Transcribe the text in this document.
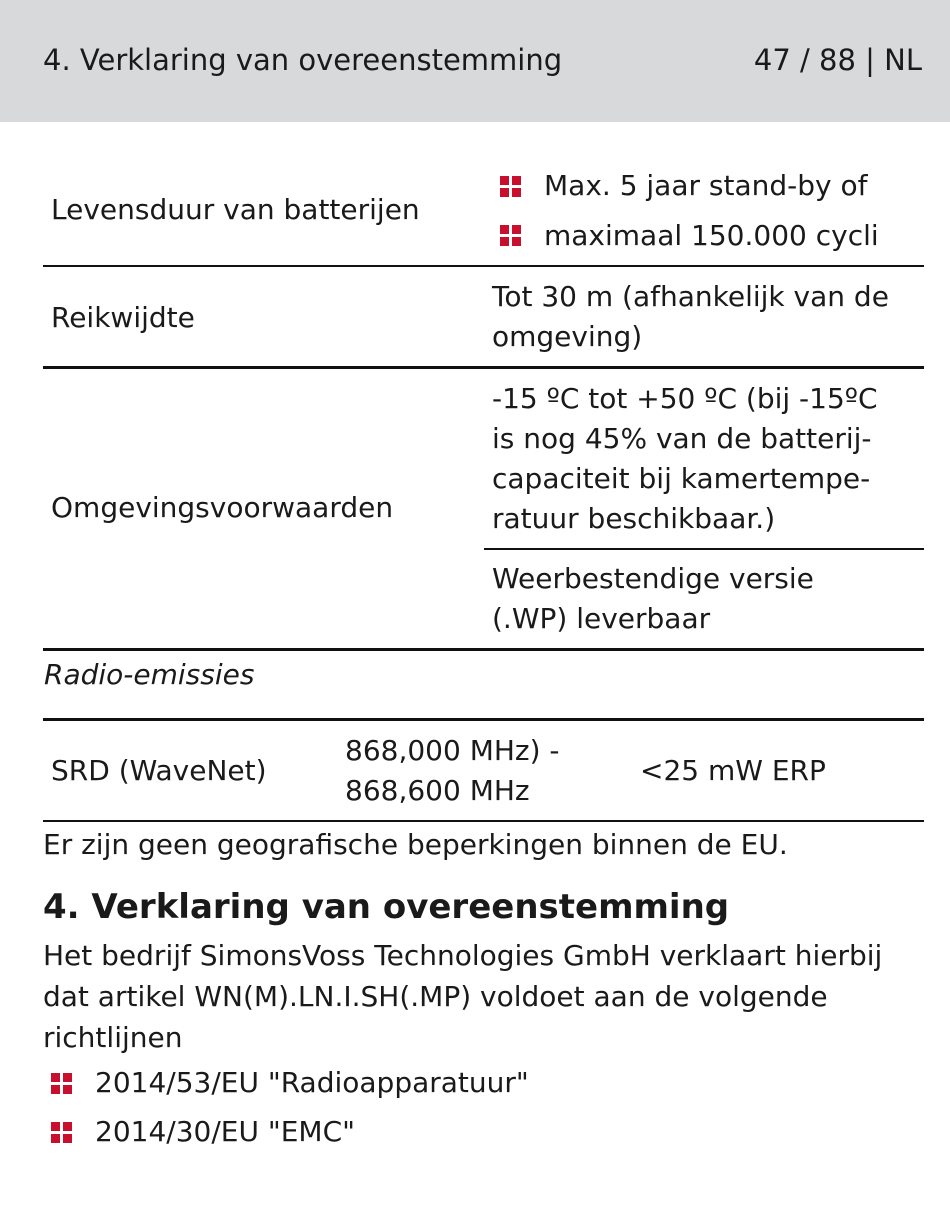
4. Verklaring van overeenstemming	47 / 88 | NL
Levensduur van batterijen
Max. 5 jaar stand-by of
maximaal 150.000 cycli
Reikwijdte
Tot 30 m (afhankelijk van de
omgeving)
Omgevingsvoorwaarden
-15 ºC tot +50 ºC (bij -15ºC
is nog 45% van de batterij-
capaciteit bij kamertempe-
ratuur beschikbaar.)
Weerbestendige versie
(.WP) leverbaar
Radio-emissies
SRD (WaveNet)
868,000 MHz) -
868,600 MHz
<25 mW ERP
Er zijn geen geografische beperkingen binnen de EU.
4. Verklaring van overeenstemming
Het bedrijf SimonsVoss Technologies GmbH verklaart hierbij dat artikel WN(M).LN.I.SH(.MP) voldoet aan de volgende richtlijnen
2014/53/EU "Radioapparatuur"
2014/30/EU "EMC"
